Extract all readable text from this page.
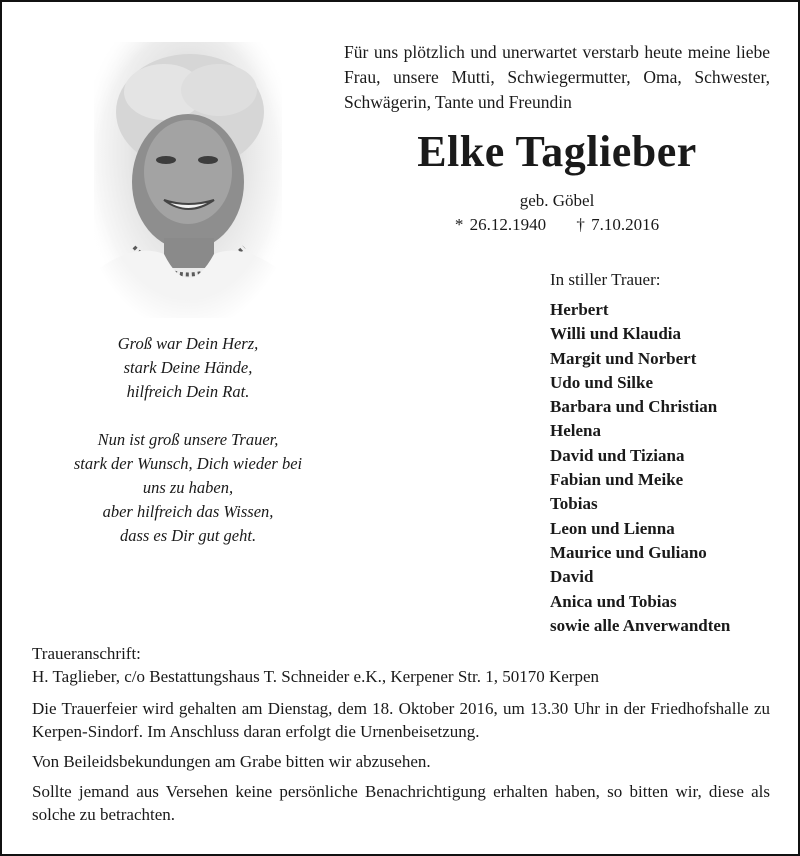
Für uns plötzlich und unerwartet verstarb heute meine liebe Frau, unsere Mutti, Schwiegermutter, Oma, Schwester, Schwägerin, Tante und Freundin
Elke Taglieber
geb. Göbel
* 26.12.1940 † 7.10.2016
In stiller Trauer:
Herbert
Willi und Klaudia
Margit und Norbert
Udo und Silke
Barbara und Christian
Helena
David und Tiziana
Fabian und Meike
Tobias
Leon und Lienna
Maurice und Guliano
David
Anica und Tobias
sowie alle Anverwandten
Groß war Dein Herz,
stark Deine Hände,
hilfreich Dein Rat.
Nun ist groß unsere Trauer,
stark der Wunsch, Dich wieder bei
uns zu haben,
aber hilfreich das Wissen,
dass es Dir gut geht.

Traueranschrift:

H. Taglieber, c/o Bestattungshaus T. Schneider e.K., Kerpener Str. 1, 50170 Kerpen

Die Trauerfeier wird gehalten am Dienstag, dem 18. Oktober 2016, um 13.30 Uhr in der Friedhofshalle zu Kerpen-Sindorf. Im Anschluss daran erfolgt die Urnenbeisetzung.

Von Beileidsbekundungen am Grabe bitten wir abzusehen.

Sollte jemand aus Versehen keine persönliche Benachrichtigung erhalten haben, so bitten wir, diese als solche zu betrachten.
